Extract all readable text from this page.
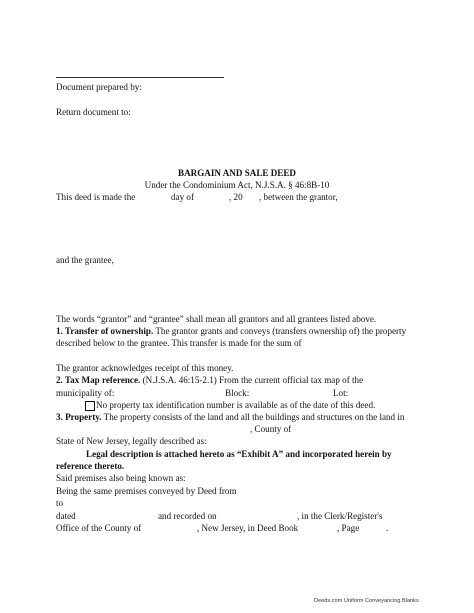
Document prepared by:
Return document to:
BARGAIN AND SALE DEED
Under the Condominium Act, N.J.S.A. § 46:8B-10
This deed is made the	day of	, 20 , between the grantor,
and the grantee,
The words “grantor” and “grantee” shall mean all grantors and all grantees listed above.
1. Transfer of ownership. The grantor grants and conveys (transfers ownership of) the property
described below to the grantee. This transfer is made for the sum of
The grantor acknowledges receipt of this money.
2. Tax Map reference. (N.J.S.A. 46:15-2.1) From the current official tax map of the
municipality of:	Block:	Lot:
No property tax identification number is available as of the date of this deed.
3. Property. The property consists of the land and all the buildings and structures on the land in
, County of
State of New Jersey, legally described as:
Legal description is attached hereto as “Exhibit A” and incorporated herein by
reference thereto.
Said premises also being known as:
Being the same premises conveyed by Deed from
to
dated	and recorded on	, in the Clerk/Register's
Office of the County of	, New Jersey, in Deed Book	, Page	.
Deeds.com Uniform Conveyancing Blanks
